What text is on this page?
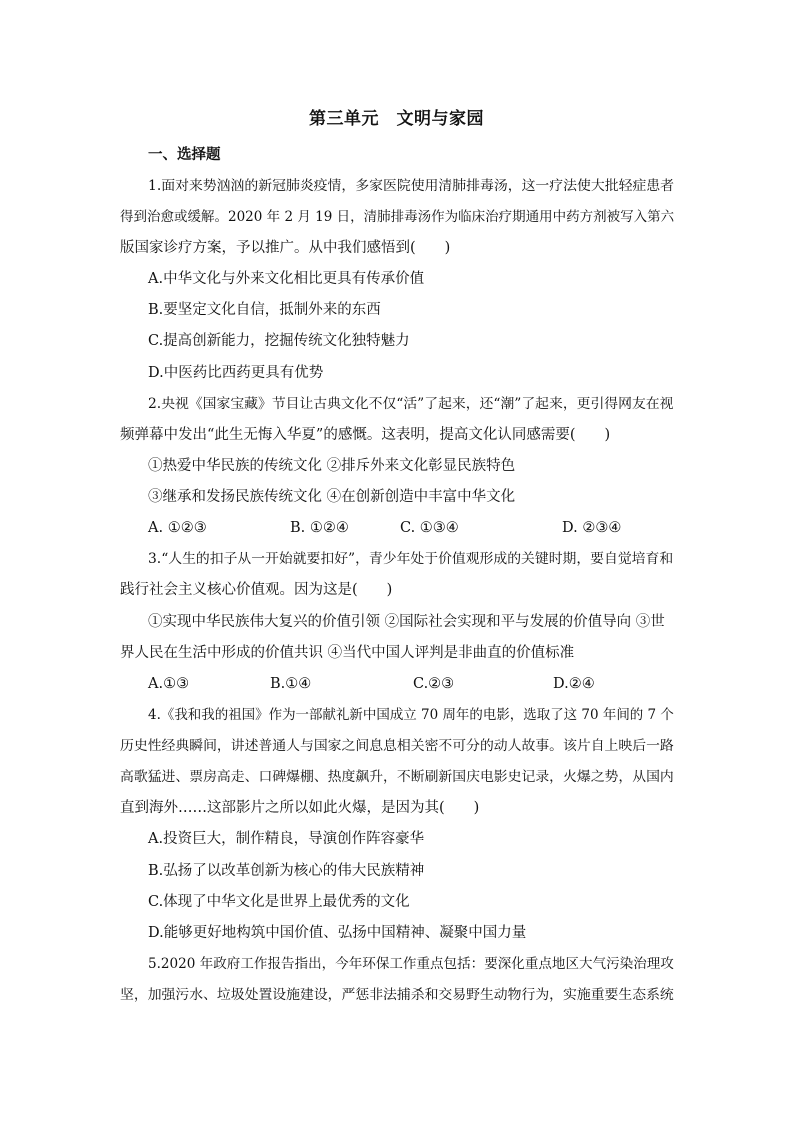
第三单元　文明与家园
一、选择题
1.面对来势汹汹的新冠肺炎疫情，多家医院使用清肺排毒汤，这一疗法使大批轻症患者
得到治愈或缓解。2020 年 2 月 19 日，清肺排毒汤作为临床治疗期通用中药方剂被写入第六
版国家诊疗方案，予以推广。从中我们感悟到(　　)
A.中华文化与外来文化相比更具有传承价值
B.要坚定文化自信，抵制外来的东西
C.提高创新能力，挖掘传统文化独特魅力
D.中医药比西药更具有优势
2.央视《国家宝藏》节目让古典文化不仅“活”了起来，还“潮”了起来，更引得网友在视
频弹幕中发出“此生无悔入华夏”的感慨。这表明，提高文化认同感需要(　　)
①热爱中华民族的传统文化 ②排斥外来文化彰显民族特色
③继承和发扬民族传统文化 ④在创新创造中丰富中华文化
A. ①②③	B. ①②④	C. ①③④	D. ②③④
3.“人生的扣子从一开始就要扣好”，青少年处于价值观形成的关键时期，要自觉培育和
践行社会主义核心价值观。因为这是(　　)
①实现中华民族伟大复兴的价值引领 ②国际社会实现和平与发展的价值导向 ③世
界人民在生活中形成的价值共识 ④当代中国人评判是非曲直的价值标准
A.①③	B.①④	C.②③	D.②④
4.《我和我的祖国》作为一部献礼新中国成立 70 周年的电影，选取了这 70 年间的 7 个
历史性经典瞬间，讲述普通人与国家之间息息相关密不可分的动人故事。该片自上映后一路
高歌猛进、票房高走、口碑爆棚、热度飙升，不断刷新国庆电影史记录，火爆之势，从国内
直到海外……这部影片之所以如此火爆，是因为其(　　)
A.投资巨大，制作精良，导演创作阵容豪华
B.弘扬了以改革创新为核心的伟大民族精神
C.体现了中华文化是世界上最优秀的文化
D.能够更好地构筑中国价值、弘扬中国精神、凝聚中国力量
5.2020 年政府工作报告指出，今年环保工作重点包括：要深化重点地区大气污染治理攻
坚，加强污水、垃圾处置设施建设，严惩非法捕杀和交易野生动物行为，实施重要生态系统
